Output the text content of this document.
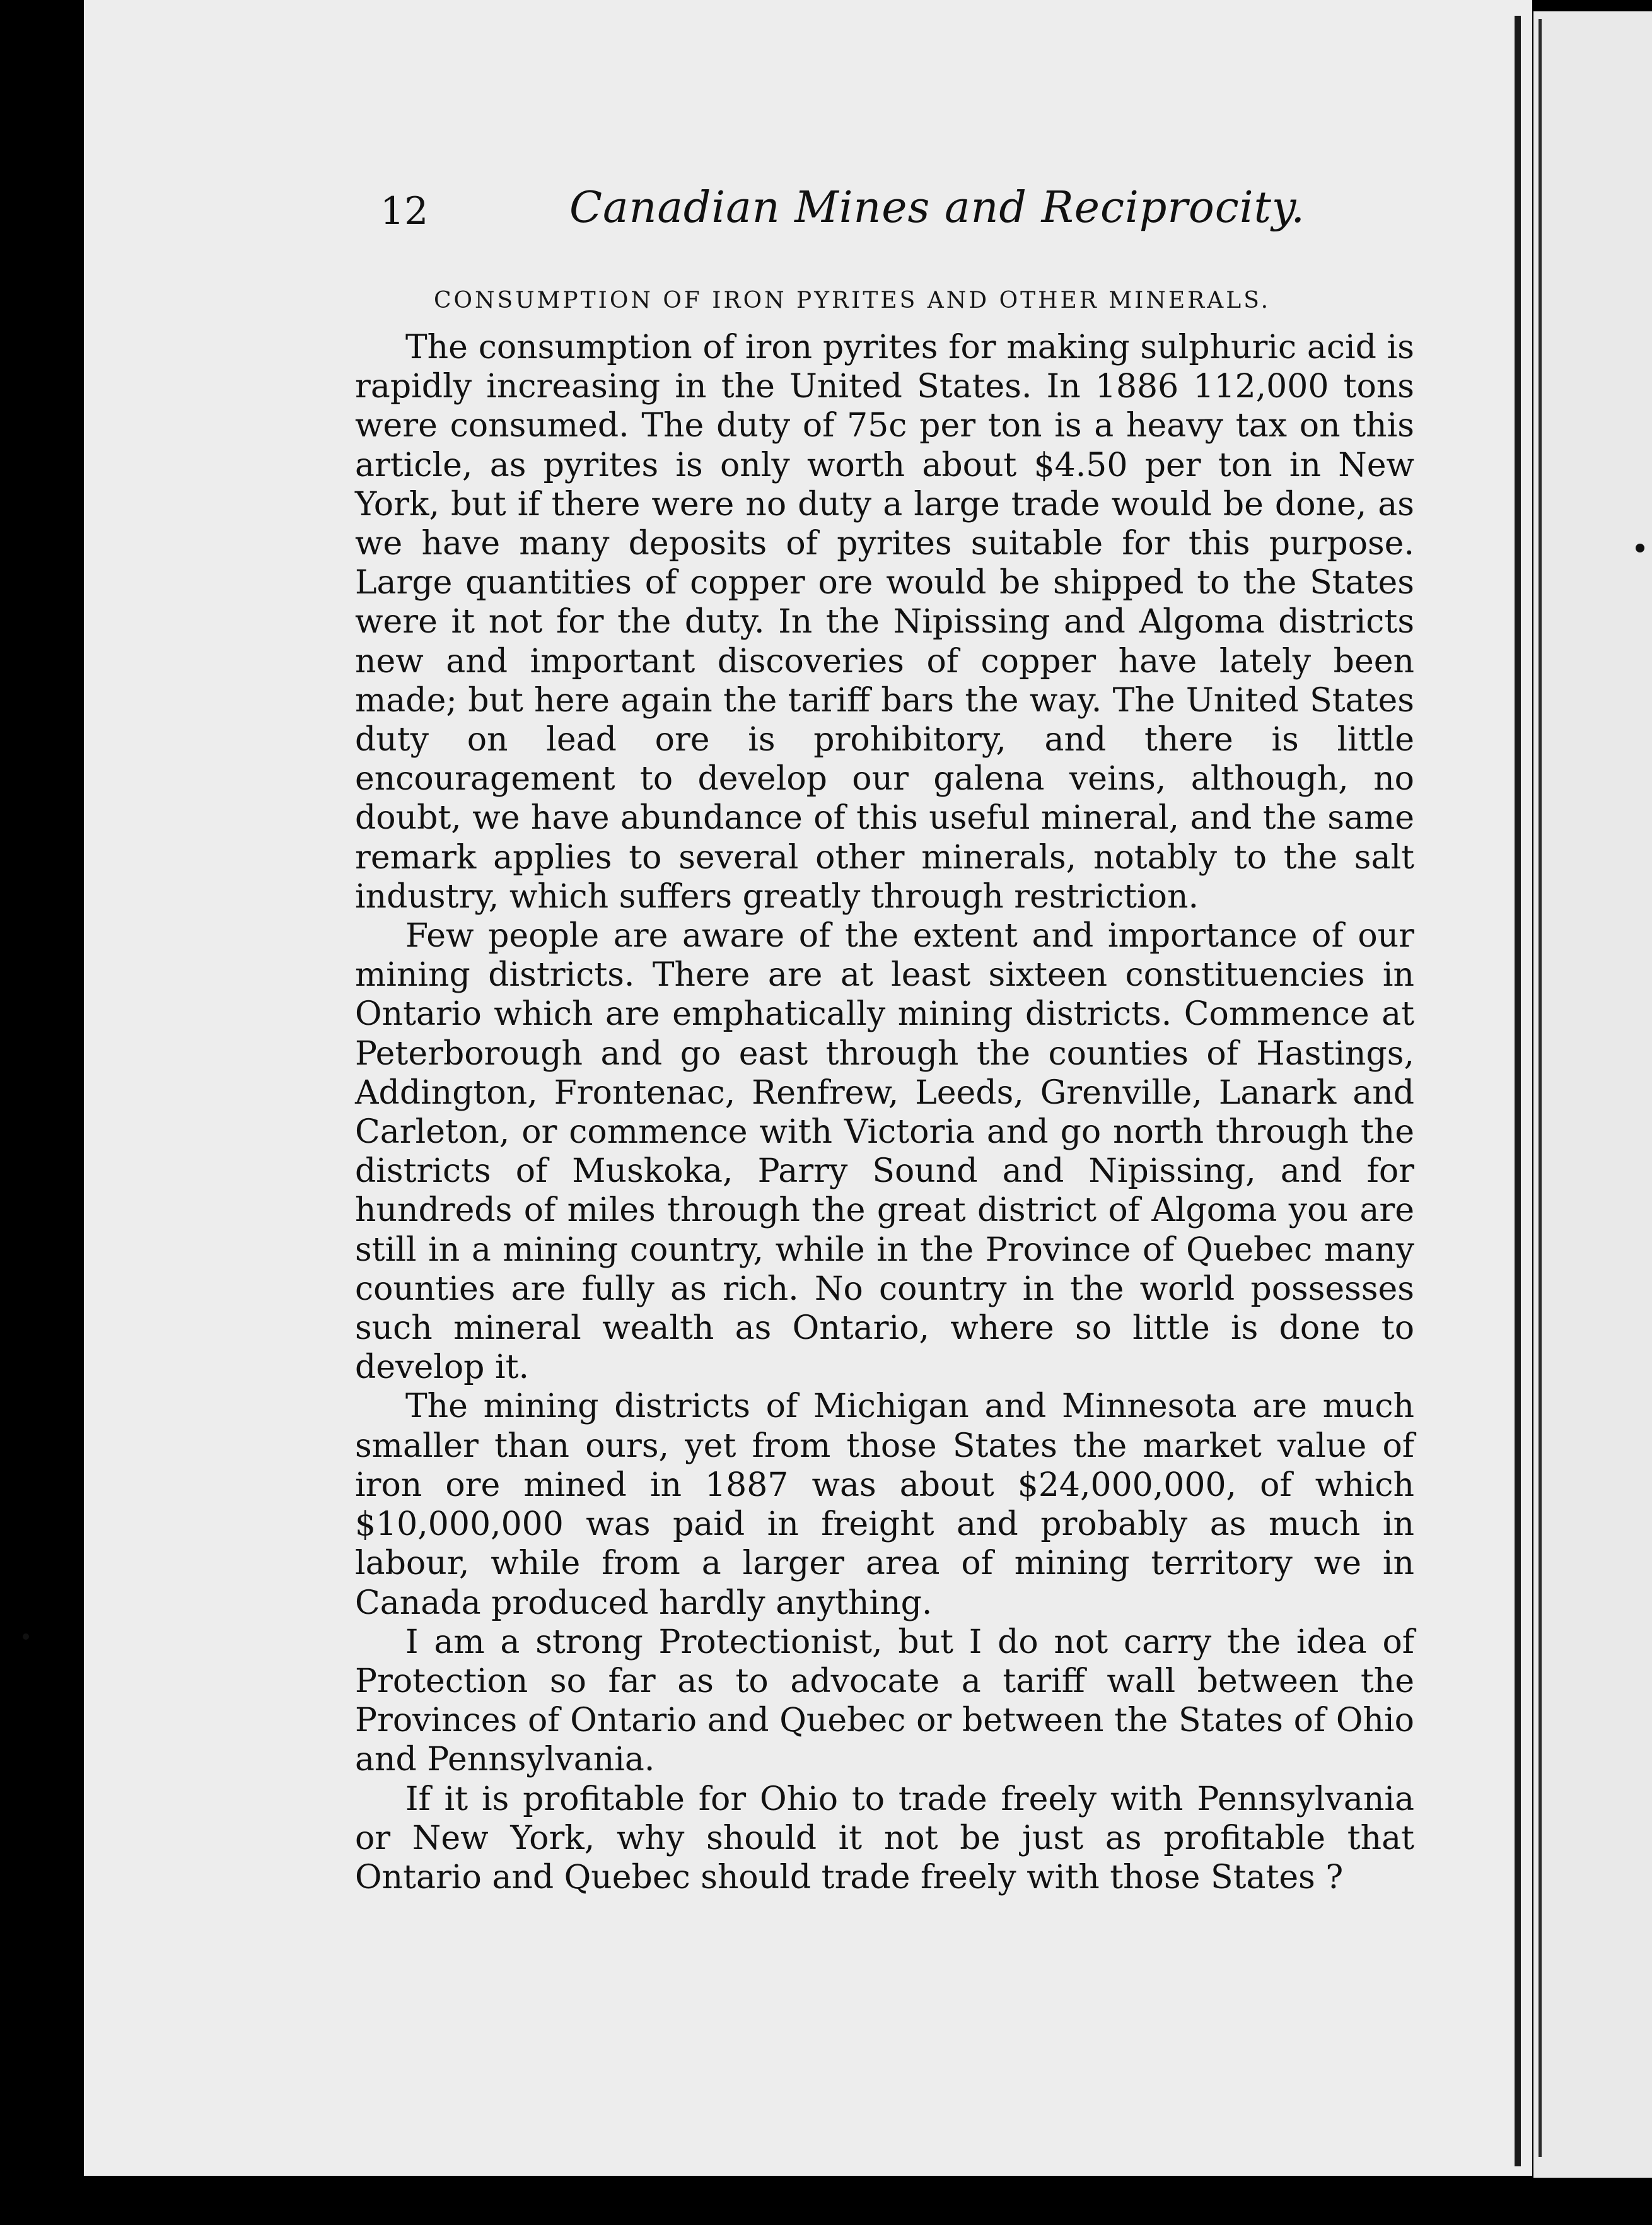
12	Canadian Mines and Reciprocity.
CONSUMPTION OF IRON PYRITES AND OTHER MINERALS.

The consumption of iron pyrites for making sulphuric acid is rapidly increasing in the United States. In 1886 112,000 tons were consumed. The duty of 75c per ton is a heavy tax on this article, as pyrites is only worth about $4.50 per ton in New York, but if there were no duty a large trade would be done, as we have many deposits of pyrites suitable for this purpose. Large quantities of copper ore would be shipped to the States were it not for the duty. In the Nipissing and Algoma districts new and important discoveries of copper have lately been made; but here again the tariff bars the way. The United States duty on lead ore is prohibitory, and there is little encouragement to develop our galena veins, although, no doubt, we have abundance of this useful mineral, and the same remark applies to several other minerals, notably to the salt industry, which suffers greatly through restriction.

Few people are aware of the extent and importance of our mining districts. There are at least sixteen constituencies in Ontario which are emphatically mining districts. Commence at Peterborough and go east through the counties of Hastings, Addington, Frontenac, Renfrew, Leeds, Grenville, Lanark and Carleton, or commence with Victoria and go north through the districts of Muskoka, Parry Sound and Nipissing, and for hundreds of miles through the great district of Algoma you are still in a mining country, while in the Province of Quebec many counties are fully as rich. No country in the world possesses such mineral wealth as Ontario, where so little is done to develop it.

The mining districts of Michigan and Minnesota are much smaller than ours, yet from those States the market value of iron ore mined in 1887 was about $24,000,000, of which $10,000,000 was paid in freight and probably as much in labour, while from a larger area of mining territory we in Canada produced hardly anything.

I am a strong Protectionist, but I do not carry the idea of Protection so far as to advocate a tariff wall between the Provinces of Ontario and Quebec or between the States of Ohio and Pennsylvania.

If it is profitable for Ohio to trade freely with Pennsylvania or New York, why should it not be just as profitable that Ontario and Quebec should trade freely with those States ?
